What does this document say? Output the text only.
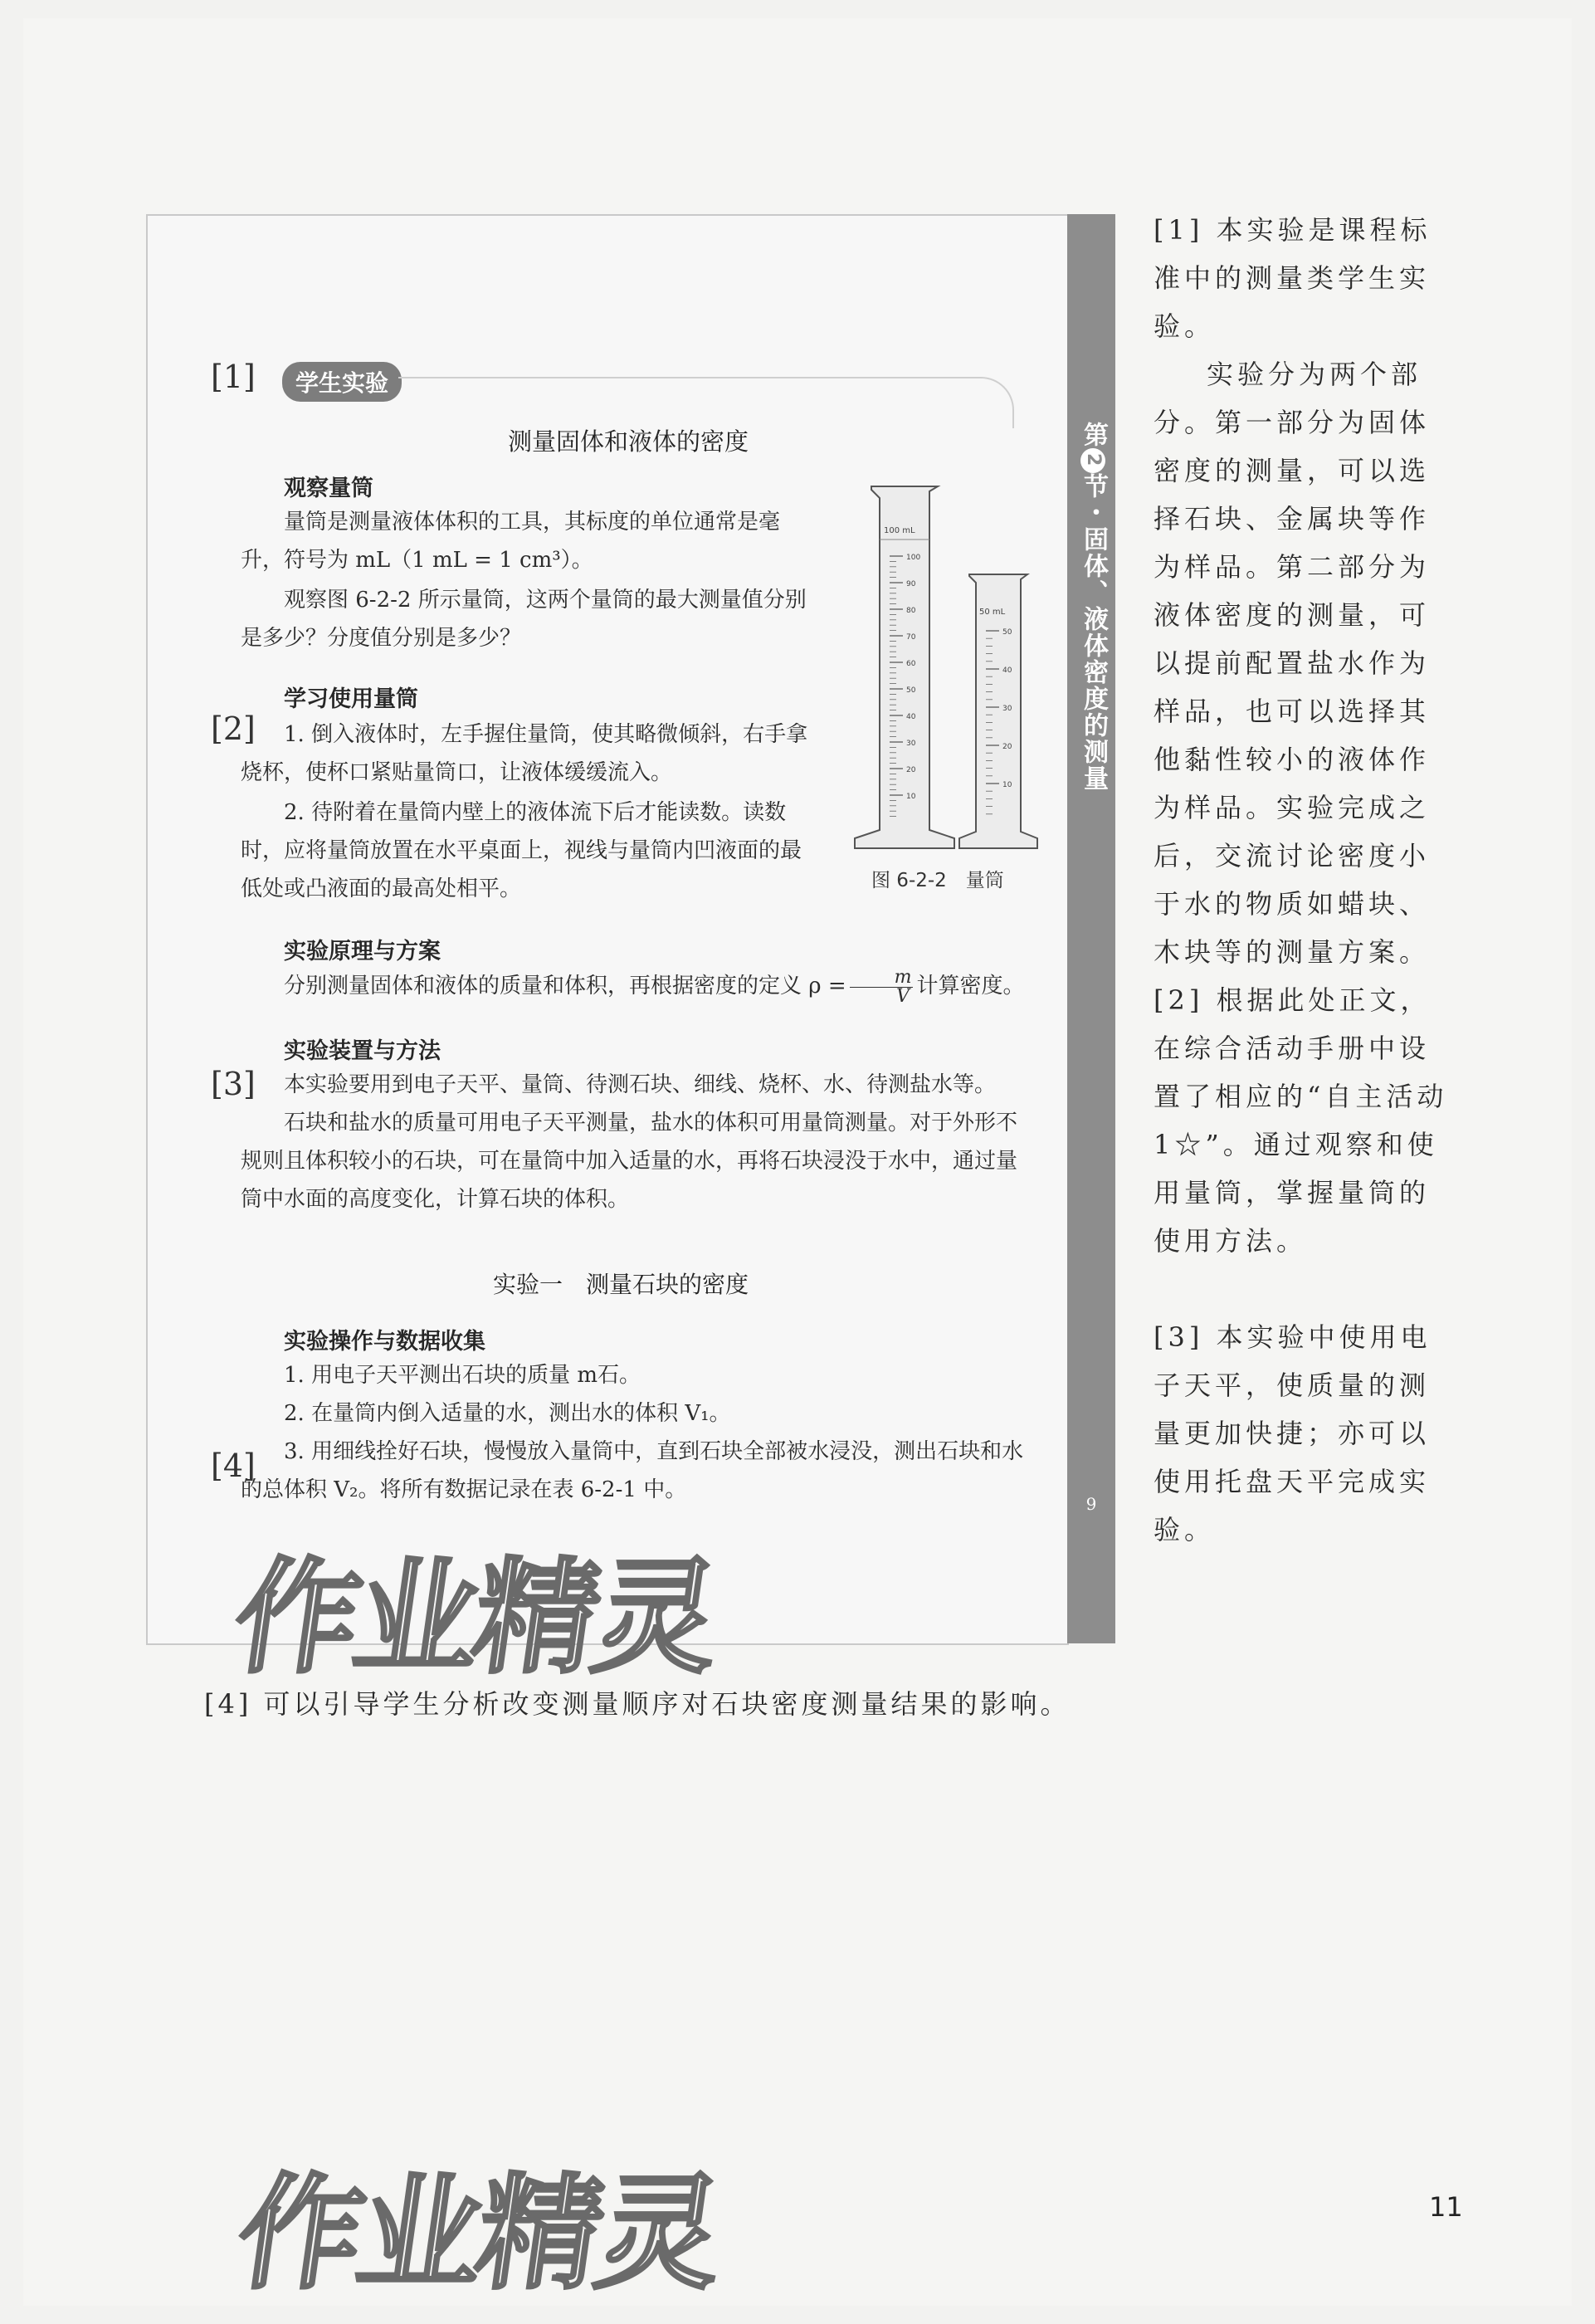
第2节・固体、液体密度的测量
9
[1]
[2]
[3]
[4]
学生实验
测量固体和液体的密度
观察量筒
量筒是测量液体体积的工具，其标度的单位通常是毫升，符号为 mL（1 mL = 1 cm³）。
观察图 6-2-2 所示量筒，这两个量筒的最大测量值分别是多少？分度值分别是多少？
学习使用量筒
1. 倒入液体时，左手握住量筒，使其略微倾斜，右手拿烧杯，使杯口紧贴量筒口，让液体缓缓流入。
2. 待附着在量筒内壁上的液体流下后才能读数。读数时，应将量筒放置在水平桌面上，视线与量筒内凹液面的最低处或凸液面的最高处相平。
100 mL
100
90
80
70
60
50
40
30
20
10
50 mL
50
40
30
20
10
图 6-2-2　量筒
实验原理与方案
分别测量固体和液体的质量和体积，再根据密度的定义 $\rho = \frac{m}{V}$ 计算密度。
实验装置与方法
本实验要用到电子天平、量筒、待测石块、细线、烧杯、水、待测盐水等。
石块和盐水的质量可用电子天平测量，盐水的体积可用量筒测量。对于外形不规则且体积较小的石块，可在量筒中加入适量的水，再将石块浸没于水中，通过量筒中水面的高度变化，计算石块的体积。
实验一　测量石块的密度
实验操作与数据收集
1. 用电子天平测出石块的质量 m石。
2. 在量筒内倒入适量的水，测出水的体积 V₁。
3. 用细线拴好石块，慢慢放入量筒中，直到石块全部被水浸没，测出石块和水的总体积 V₂。将所有数据记录在表 6-2-1 中。
作业精灵
[1] 本实验是课程标准中的测量类学生实验。
实验分为两个部分。第一部分为固体密度的测量，可以选择石块、金属块等作为样品。第二部分为液体密度的测量，可以提前配置盐水作为样品，也可以选择其他黏性较小的液体作为样品。实验完成之后，交流讨论密度小于水的物质如蜡块、木块等的测量方案。
[2] 根据此处正文，在综合活动手册中设置了相应的“自主活动 1☆”。通过观察和使用量筒，掌握量筒的使用方法。
[3] 本实验中使用电子天平，使质量的测量更加快捷；亦可以使用托盘天平完成实验。
[4] 可以引导学生分析改变测量顺序对石块密度测量结果的影响。
作业精灵	11
